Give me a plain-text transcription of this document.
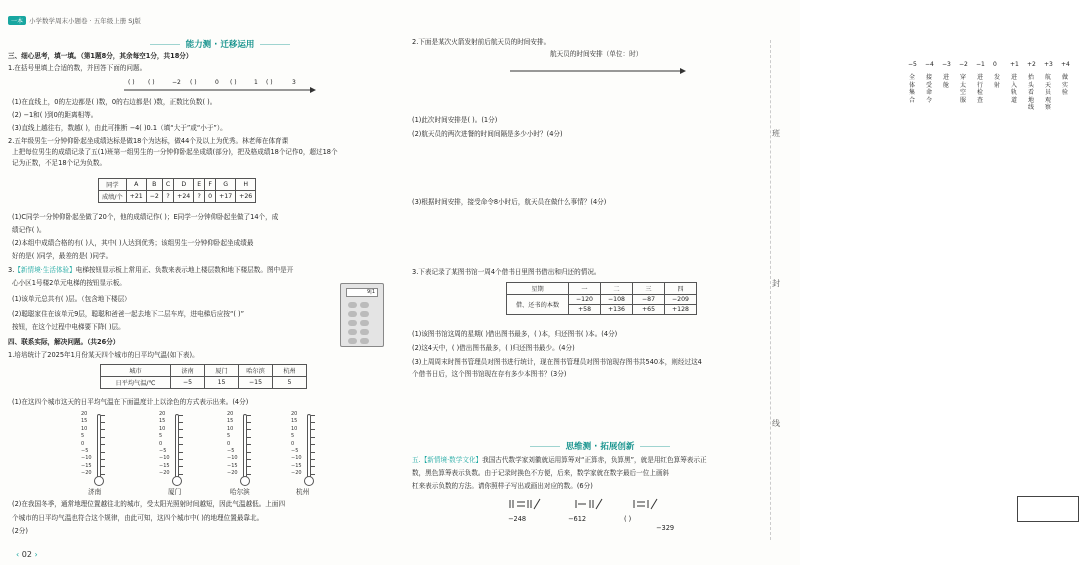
一本 小学数学周末小题卷 · 五年级上册 SJ版
能力测 · 迁移运用
三、细心思考，填一填。（第1题8分，其余每空1分，共18分）
1.在括号里填上合适的数，并回答下面的问题。
( ) ( )	−2 ( )	0 ( )	1 ( )	3
(1)在直线上，0的左边都是( )数，0的右边都是( )数，正数比负数( )。
(2) −1和( )到0的距离相等。
(3)直线上越往右，数越( )，由此可推断 −4( )0.1（填“大于”或“小于”）。
2.五年级男生一分钟仰卧起坐成绩达标是做18个为达标，做44个及以上为优秀。林老师在体育课
上把每位男生的成绩记录了五(1)班第一组男生的一分钟仰卧起坐成绩(部分)，把及格成绩18个记作0，超过18个
记为正数，不足18个记为负数。
同学	A	B	C	D	E	F	G	H
成绩/个	+21	−2	?	+24	?	0	+17	+26
(1)C同学一分钟仰卧起坐做了20个，他的成绩记作( )；E同学一分钟仰卧起坐做了14个，成
绩记作( )。
(2)本组中成绩合格的有( )人，其中( )人达到优秀；该组男生一分钟仰卧起坐成绩最
好的是( )同学，最差的是( )同学。
3.【新情境·生活体验】电梯按钮显示板上常用正、负数来表示地上楼层数和地下楼层数。图中是开
心小区1号楼2单元电梯的按钮显示板。
(1)该单元总共有( )层。（包含地下楼层）
(2)聪聪家住在该单元9层，聪聪和爸爸一起去地下二层车库，进电梯后应按“( )”
按钮，在这个过程中电梯要下降( )层。
9|1
四、联系实际，解决问题。（共26分）
1.培培统计了2025年1月份某天四个城市的日平均气温(如下表)。
城市	济南	厦门	哈尔滨	杭州
日平均气温/℃	−5	15	−15	5
(1)在这四个城市这天的日平均气温在下面温度计上以涂色的方式表示出来。(4分)
20
15
10
5
0
−5
−10
−15
−20
20
15
10
5
0
−5
−10
−15
−20
20
15
10
5
0
−5
−10
−15
−20
20
15
10
5
0
−5
−10
−15
−20
济南	厦门	哈尔滨	杭州
(2)在我国冬季，通常地理位置越往北的城市，受太阳光照射时间越短，因此气温越低。上面四
个城市的日平均气温也符合这个规律，由此可知，这四个城市中( )的地理位置最靠北。
(2分)
‹ 02 ›
2.下面是某次火箭发射前后航天员的时间安排。
航天员的时间安排（单位：时）
−5 −4 −3 −2 −1 0 +1 +2 +3 +4
全体集合
接受命令
进舱
穿太空服
进行检查
发射
进入轨道
抬头看地线
航天员观察
做实验
(1)此次时间安排是( )。(1分)
(2)航天员的两次进餐的时间间隔是多少小时？(4分)
(3)根据时间安排，接受命令8小时后，航天员在做什么事情？(4分)
3.下表记录了某图书馆一周4个借书日里图书借出和归还的情况。
星期	一	二	三	四
借、还书的本数	−120	−108	−87	−209
	+58	+136	+65	+128
(1)该图书馆这周的星期( )借出图书最多，( )本，归还图书( )本。(4分)
(2)这4天中，( )借出图书最多，( )归还图书最少。(4分)
(3)上周周末时图书管理员对图书进行统计，现在图书管理员对图书馆现存图书共540本，则经过这4
个借书日后，这个图书馆现在存有多少本图书？(3分)
思维测 · 拓展创新
五.【新情境·数学文化】我国古代数学家刘徽就运用算筹对“正算赤，负算黑”，就是用红色算筹表示正
数，黑色算筹表示负数。由于记录时换色不方便，后来，数学家就在数字最后一位上画斜
杠来表示负数的方法。请你照样子写出或画出对应的数。(6分)
−248	−612	( )
−329
班
封
线
